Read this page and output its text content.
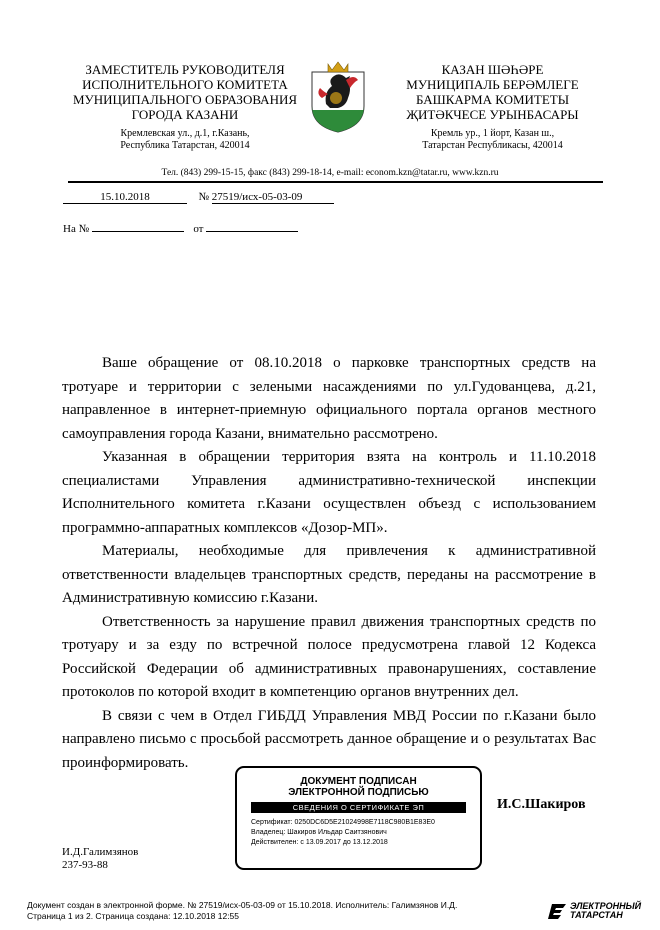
ЗАМЕСТИТЕЛЬ РУКОВОДИТЕЛЯ
ИСПОЛНИТЕЛЬНОГО КОМИТЕТА
МУНИЦИПАЛЬНОГО ОБРАЗОВАНИЯ
ГОРОДА КАЗАНИ
Кремлевская ул., д.1, г.Казань,
Республика Татарстан, 420014
КАЗАН ШӘҺӘРЕ
МУНИЦИПАЛЬ БЕРӘМЛЕГЕ
БАШКАРМА КОМИТЕТЫ
ҖИТӘКЧЕСЕ УРЫНБАСАРЫ
Кремль ур., 1 йорт, Казан ш.,
Татарстан Республикасы, 420014
Тел. (843) 299-15-15, факс (843) 299-18-14, e-mail: econom.kzn@tatar.ru, www.kzn.ru
15.10.2018	№ 27519/исх-05-03-09
На №	от

Ваше обращение от 08.10.2018 о парковке транспортных средств на тротуаре и территории с зелеными насаждениями по ул.Гудованцева, д.21, направленное в интернет-приемную официального портала органов местного самоуправления города Казани, внимательно рассмотрено.

Указанная в обращении территория взята на контроль и 11.10.2018 специалистами Управления административно-технической инспекции Исполнительного комитета г.Казани осуществлен объезд с использованием программно-аппаратных комплексов «Дозор-МП».

Материалы, необходимые для привлечения к административной ответственности владельцев транспортных средств, переданы на рассмотрение в Административную комиссию г.Казани.

Ответственность за нарушение правил движения транспортных средств по тротуару и за езду по встречной полосе предусмотрена главой 12 Кодекса Российской Федерации об административных правонарушениях, составление протоколов по которой входит в компетенцию органов внутренних дел.

В связи с чем в Отдел ГИБДД Управления МВД России по г.Казани было направлено письмо с просьбой рассмотреть данное обращение и о результатах Вас проинформировать.

ДОКУМЕНТ ПОДПИСАН
ЭЛЕКТРОННОЙ ПОДПИСЬЮ
СВЕДЕНИЯ О СЕРТИФИКАТЕ ЭП
Сертификат: 0250DC6D5E21024998E7118C980B1E83E0
Владелец: Шакиров Ильдар Саитзянович
Действителен: с 13.09.2017 до 13.12.2018
И.С.Шакиров
И.Д.Галимзянов
237-93-88
Документ создан в электронной форме. № 27519/исх-05-03-09 от 15.10.2018. Исполнитель: Галимзянов И.Д.
Страница 1 из 2. Страница создана: 12.10.2018 12:55
ЭЛЕКТРОННЫЙ
ТАТАРСТАН
